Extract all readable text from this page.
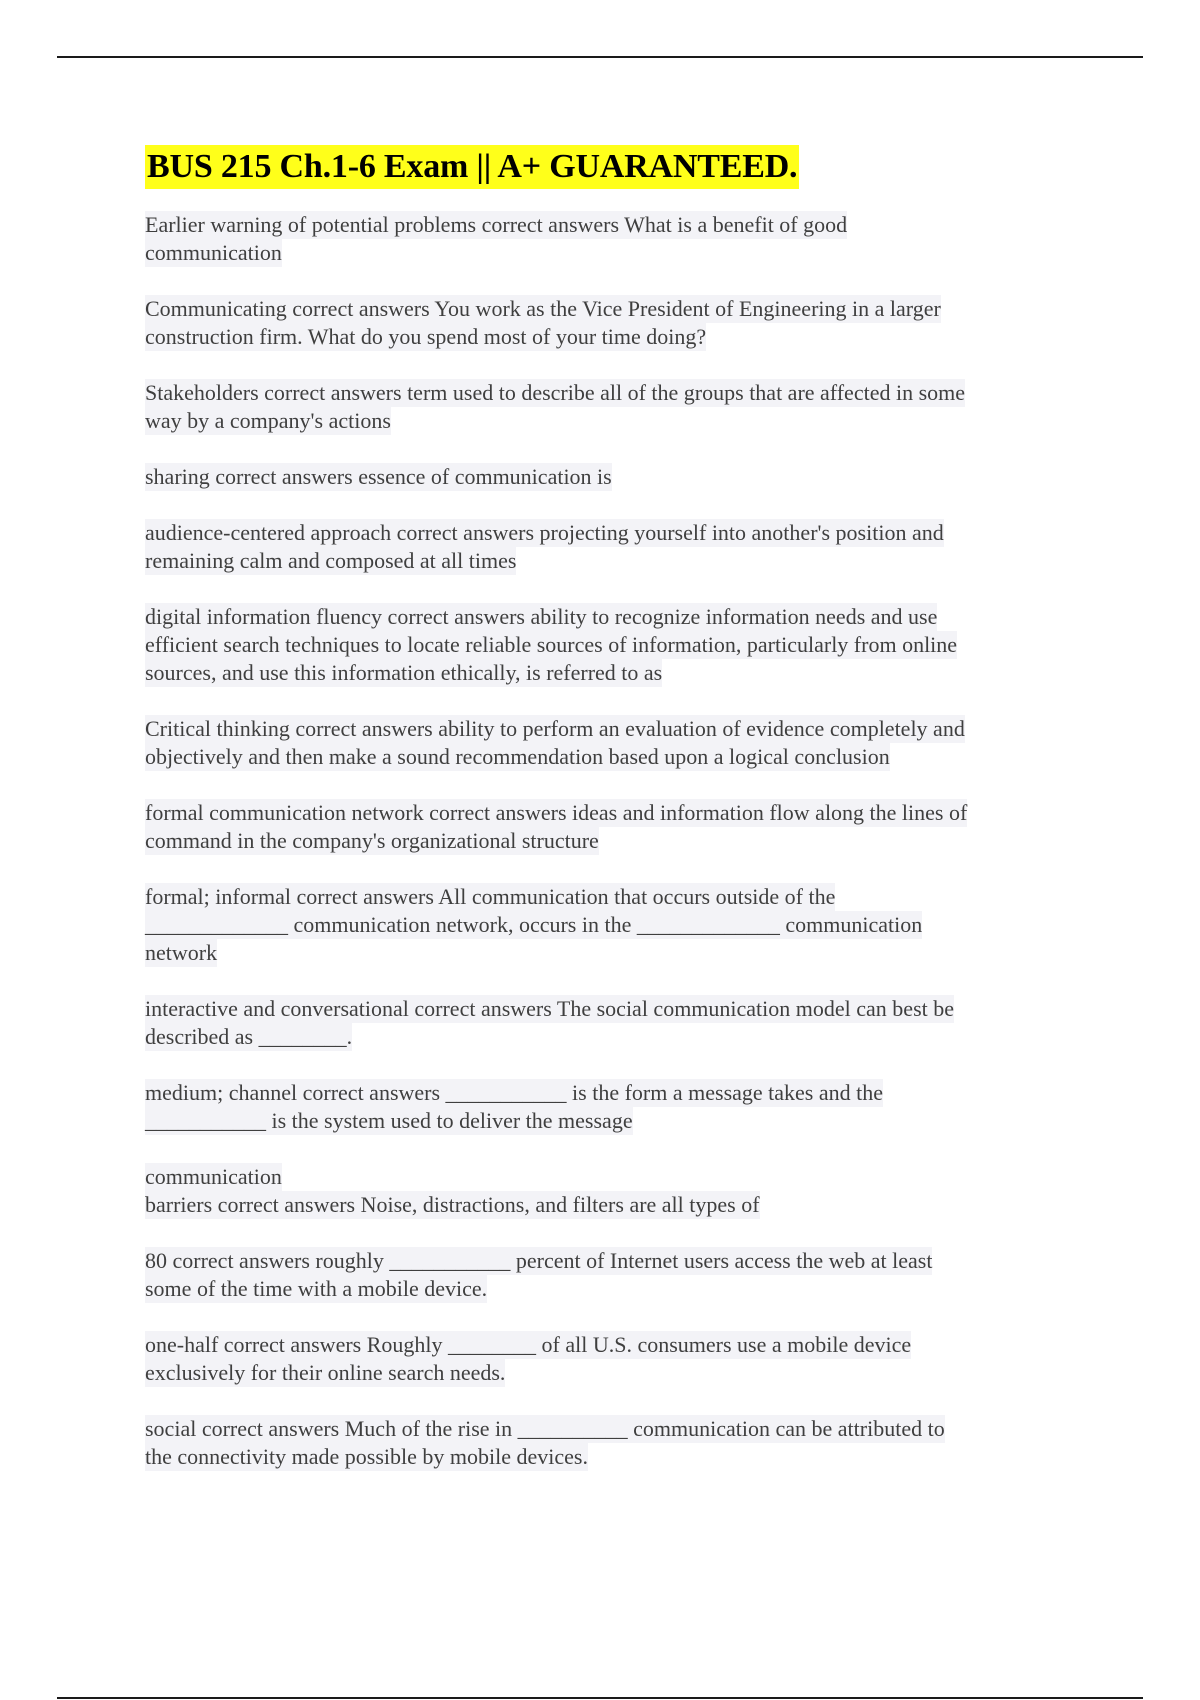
BUS 215 Ch.1-6 Exam || A+ GUARANTEED.

Earlier warning of potential problems correct answers What is a benefit of good
communication

Communicating correct answers You work as the Vice President of Engineering in a larger
construction firm. What do you spend most of your time doing?

Stakeholders correct answers term used to describe all of the groups that are affected in some
way by a company's actions

sharing correct answers essence of communication is

audience-centered approach correct answers projecting yourself into another's position and
remaining calm and composed at all times

digital information fluency correct answers ability to recognize information needs and use
efficient search techniques to locate reliable sources of information, particularly from online
sources, and use this information ethically, is referred to as

Critical thinking correct answers ability to perform an evaluation of evidence completely and
objectively and then make a sound recommendation based upon a logical conclusion

formal communication network correct answers ideas and information flow along the lines of
command in the company's organizational structure

formal; informal correct answers All communication that occurs outside of the
_____________ communication network, occurs in the _____________ communication
network

interactive and conversational correct answers The social communication model can best be
described as ________.

medium; channel correct answers ___________ is the form a message takes and the
___________ is the system used to deliver the message

communication
barriers correct answers Noise, distractions, and filters are all types of

80 correct answers roughly ___________ percent of Internet users access the web at least
some of the time with a mobile device.

one-half correct answers Roughly ________ of all U.S. consumers use a mobile device
exclusively for their online search needs.

social correct answers Much of the rise in __________ communication can be attributed to
the connectivity made possible by mobile devices.
